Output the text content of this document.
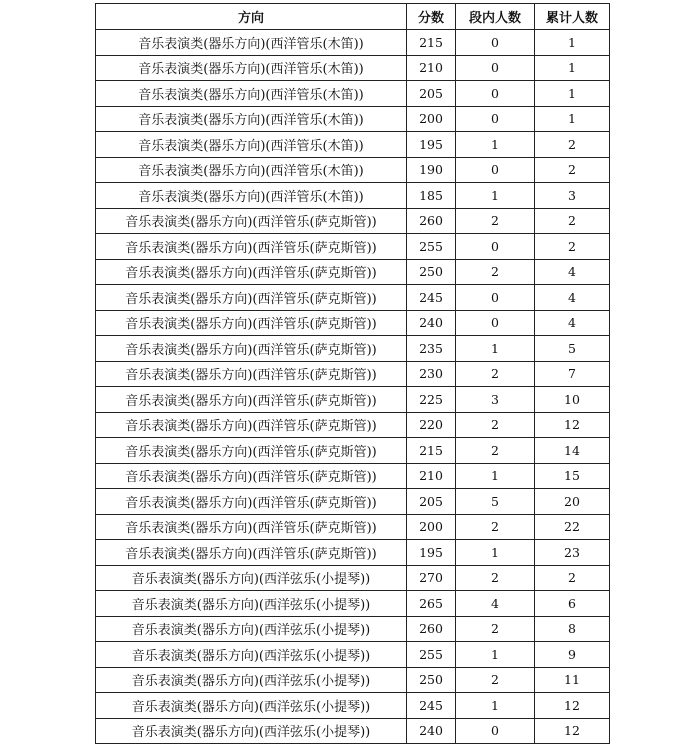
方向	分数	段内人数	累计人数
音乐表演类(器乐方向)(西洋管乐(木笛))	215	0	1
音乐表演类(器乐方向)(西洋管乐(木笛))	210	0	1
音乐表演类(器乐方向)(西洋管乐(木笛))	205	0	1
音乐表演类(器乐方向)(西洋管乐(木笛))	200	0	1
音乐表演类(器乐方向)(西洋管乐(木笛))	195	1	2
音乐表演类(器乐方向)(西洋管乐(木笛))	190	0	2
音乐表演类(器乐方向)(西洋管乐(木笛))	185	1	3
音乐表演类(器乐方向)(西洋管乐(萨克斯管))	260	2	2
音乐表演类(器乐方向)(西洋管乐(萨克斯管))	255	0	2
音乐表演类(器乐方向)(西洋管乐(萨克斯管))	250	2	4
音乐表演类(器乐方向)(西洋管乐(萨克斯管))	245	0	4
音乐表演类(器乐方向)(西洋管乐(萨克斯管))	240	0	4
音乐表演类(器乐方向)(西洋管乐(萨克斯管))	235	1	5
音乐表演类(器乐方向)(西洋管乐(萨克斯管))	230	2	7
音乐表演类(器乐方向)(西洋管乐(萨克斯管))	225	3	10
音乐表演类(器乐方向)(西洋管乐(萨克斯管))	220	2	12
音乐表演类(器乐方向)(西洋管乐(萨克斯管))	215	2	14
音乐表演类(器乐方向)(西洋管乐(萨克斯管))	210	1	15
音乐表演类(器乐方向)(西洋管乐(萨克斯管))	205	5	20
音乐表演类(器乐方向)(西洋管乐(萨克斯管))	200	2	22
音乐表演类(器乐方向)(西洋管乐(萨克斯管))	195	1	23
音乐表演类(器乐方向)(西洋弦乐(小提琴))	270	2	2
音乐表演类(器乐方向)(西洋弦乐(小提琴))	265	4	6
音乐表演类(器乐方向)(西洋弦乐(小提琴))	260	2	8
音乐表演类(器乐方向)(西洋弦乐(小提琴))	255	1	9
音乐表演类(器乐方向)(西洋弦乐(小提琴))	250	2	11
音乐表演类(器乐方向)(西洋弦乐(小提琴))	245	1	12
音乐表演类(器乐方向)(西洋弦乐(小提琴))	240	0	12
